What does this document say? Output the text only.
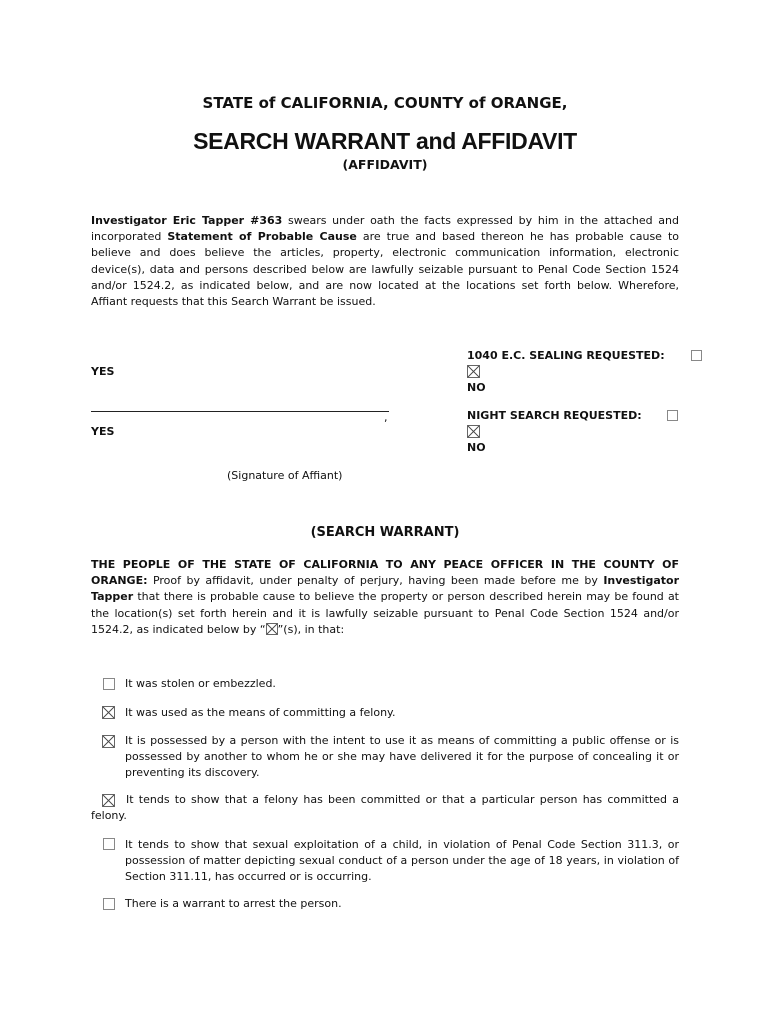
STATE of CALIFORNIA, COUNTY of ORANGE,
SEARCH WARRANT and AFFIDAVIT
(AFFIDAVIT)
Investigator Eric Tapper #363 swears under oath the facts expressed by him in the attached and incorporated Statement of Probable Cause are true and based thereon he has probable cause to believe and does believe the articles, property, electronic communication information, electronic device(s), data and persons described below are lawfully seizable pursuant to Penal Code Section 1524 and/or 1524.2, as indicated below, and are now located at the locations set forth below. Wherefore, Affiant requests that this Search Warrant be issued.
1040 E.C. SEALING REQUESTED:
YES
NO
NIGHT SEARCH REQUESTED:
,
YES
NO
(Signature of Affiant)
(SEARCH WARRANT)
THE PEOPLE OF THE STATE OF CALIFORNIA TO ANY PEACE OFFICER IN THE COUNTY OF ORANGE: Proof by affidavit, under penalty of perjury, having been made before me by Investigator Tapper that there is probable cause to believe the property or person described herein may be found at the location(s) set forth herein and it is lawfully seizable pursuant to Penal Code Section 1524 and/or 1524.2, as indicated below by “ ”(s), in that:
It was stolen or embezzled.
It was used as the means of committing a felony.
It is possessed by a person with the intent to use it as means of committing a public offense or is possessed by another to whom he or she may have delivered it for the purpose of concealing it or preventing its discovery.
It tends to show that a felony has been committed or that a particular person has committed a felony.
It tends to show that sexual exploitation of a child, in violation of Penal Code Section 311.3, or possession of matter depicting sexual conduct of a person under the age of 18 years, in violation of Section 311.11, has occurred or is occurring.
There is a warrant to arrest the person.
